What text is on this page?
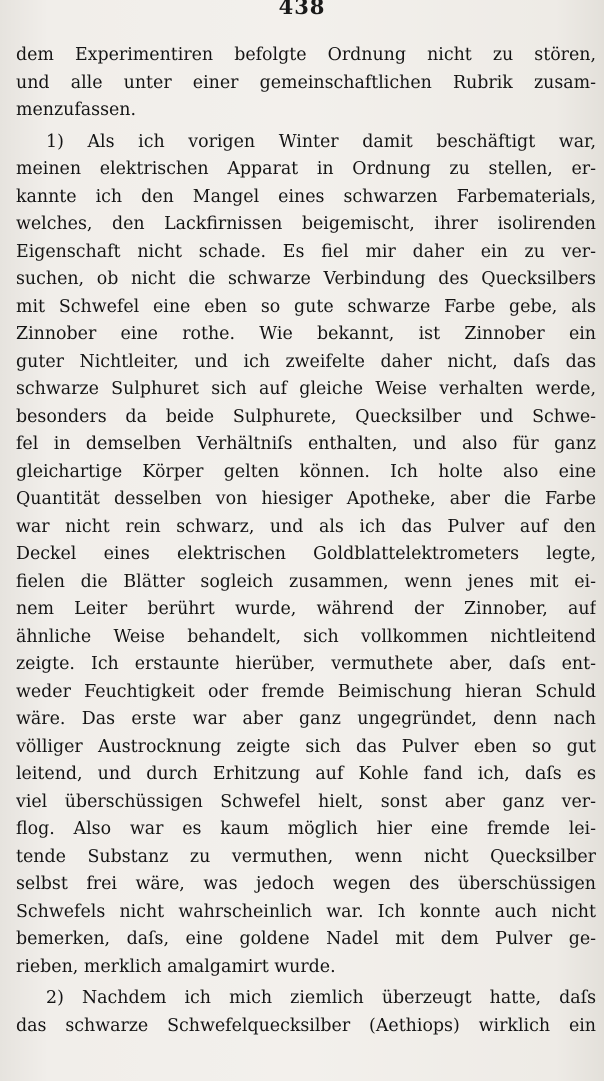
438
dem Experimentiren befolgte Ordnung nicht zu stören,
und alle unter einer gemeinschaftlichen Rubrik zusam-
menzufassen.
1) Als ich vorigen Winter damit beschäftigt war,
meinen elektrischen Apparat in Ordnung zu stellen, er-
kannte ich den Mangel eines schwarzen Farbematerials,
welches, den Lackfirnissen beigemischt, ihrer isolirenden
Eigenschaft nicht schade. Es fiel mir daher ein zu ver-
suchen, ob nicht die schwarze Verbindung des Quecksilbers
mit Schwefel eine eben so gute schwarze Farbe gebe, als
Zinnober eine rothe. Wie bekannt, ist Zinnober ein
guter Nichtleiter, und ich zweifelte daher nicht, daſs das
schwarze Sulphuret sich auf gleiche Weise verhalten werde,
besonders da beide Sulphurete, Quecksilber und Schwe-
fel in demselben Verhältniſs enthalten, und also für ganz
gleichartige Körper gelten können. Ich holte also eine
Quantität desselben von hiesiger Apotheke, aber die Farbe
war nicht rein schwarz, und als ich das Pulver auf den
Deckel eines elektrischen Goldblattelektrometers legte,
fielen die Blätter sogleich zusammen, wenn jenes mit ei-
nem Leiter berührt wurde, während der Zinnober, auf
ähnliche Weise behandelt, sich vollkommen nichtleitend
zeigte. Ich erstaunte hierüber, vermuthete aber, daſs ent-
weder Feuchtigkeit oder fremde Beimischung hieran Schuld
wäre. Das erste war aber ganz ungegründet, denn nach
völliger Austrocknung zeigte sich das Pulver eben so gut
leitend, und durch Erhitzung auf Kohle fand ich, daſs es
viel überschüssigen Schwefel hielt, sonst aber ganz ver-
flog. Also war es kaum möglich hier eine fremde lei-
tende Substanz zu vermuthen, wenn nicht Quecksilber
selbst frei wäre, was jedoch wegen des überschüssigen
Schwefels nicht wahrscheinlich war. Ich konnte auch nicht
bemerken, daſs, eine goldene Nadel mit dem Pulver ge-
rieben, merklich amalgamirt wurde.
2) Nachdem ich mich ziemlich überzeugt hatte, daſs
das schwarze Schwefelquecksilber (Aethiops) wirklich ein
